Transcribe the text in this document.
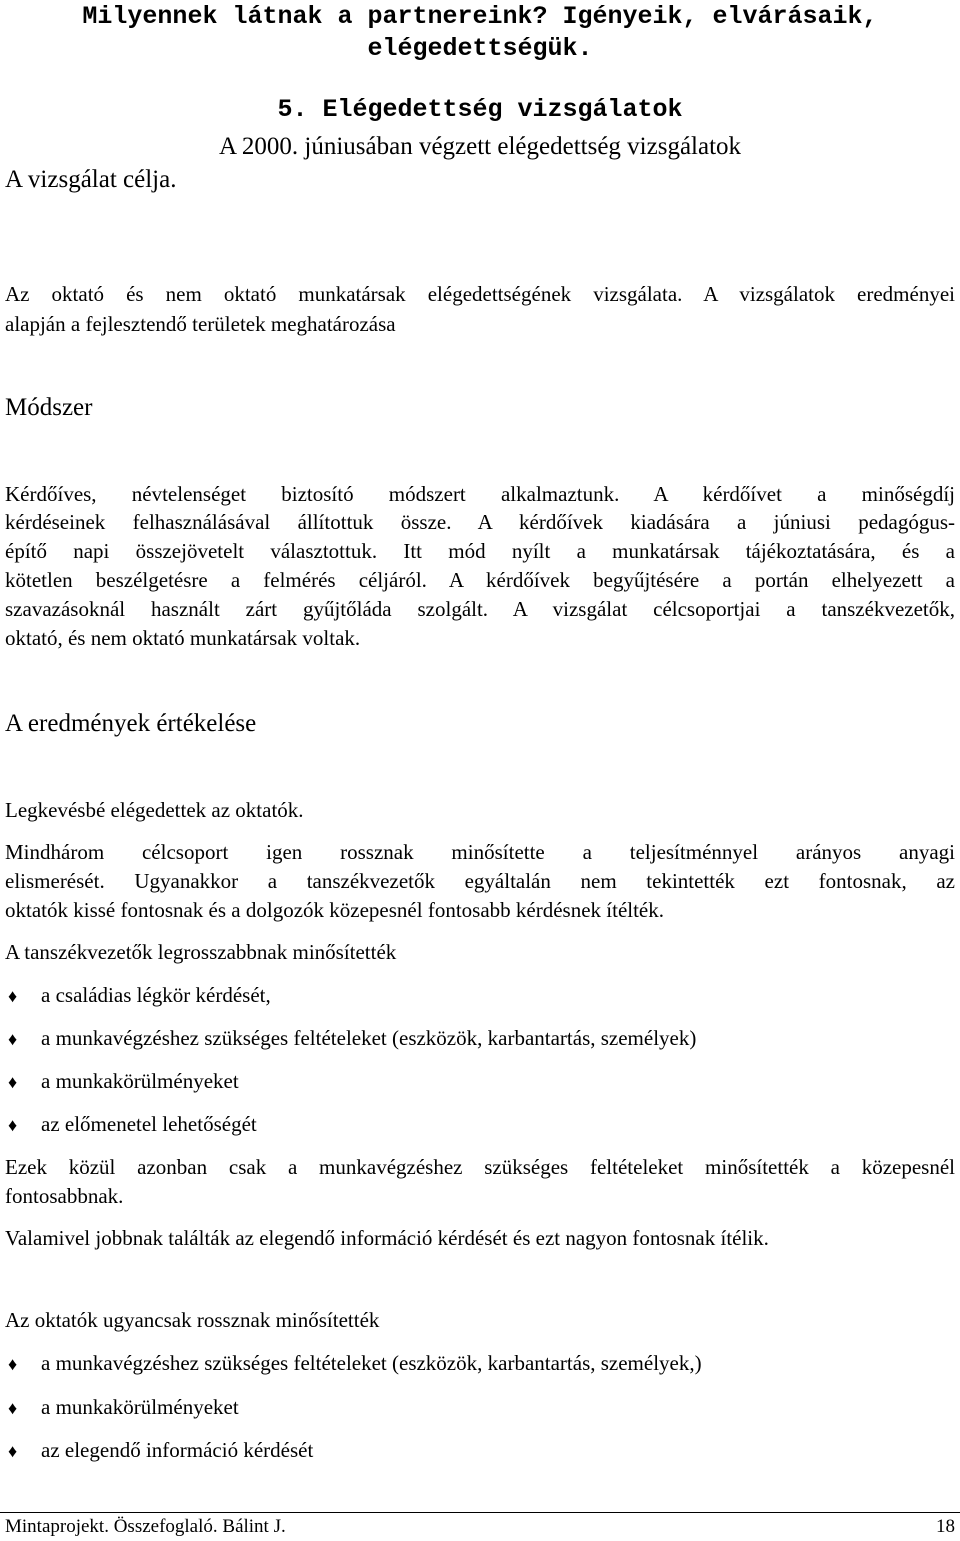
Milyennek látnak a partnereink? Igényeik, elvárásaik,
elégedettségük.
5. Elégedettség vizsgálatok
A 2000. júniusában végzett elégedettség vizsgálatok
A vizsgálat célja.
Az oktató és nem oktató munkatársak elégedettségének vizsgálata. A vizsgálatok eredményei
alapján a fejlesztendő területek meghatározása
Módszer
Kérdőíves, névtelenséget biztosító módszert alkalmaztunk. A kérdőívet a minőségdíj
kérdéseinek felhasználásával állítottuk össze. A kérdőívek kiadására a júniusi pedagógus-
építő napi összejövetelt választottuk. Itt mód nyílt a munkatársak tájékoztatására, és a
kötetlen beszélgetésre a felmérés céljáról. A kérdőívek begyűjtésére a portán elhelyezett a
szavazásoknál használt zárt gyűjtőláda szolgált. A vizsgálat célcsoportjai a tanszékvezetők,
oktató, és nem oktató munkatársak voltak.
A eredmények értékelése
Legkevésbé elégedettek az oktatók.
Mindhárom célcsoport igen rossznak minősítette a teljesítménnyel arányos anyagi
elismerését. Ugyanakkor a tanszékvezetők egyáltalán nem tekintették ezt fontosnak, az
oktatók kissé fontosnak és a dolgozók közepesnél fontosabb kérdésnek ítélték.
A tanszékvezetők legrosszabbnak minősítették
♦ a családias légkör kérdését,
♦ a munkavégzéshez szükséges feltételeket (eszközök, karbantartás, személyek)
♦ a munkakörülményeket
♦ az előmenetel lehetőségét
Ezek közül azonban csak a munkavégzéshez szükséges feltételeket minősítették a közepesnél
fontosabbnak.
Valamivel jobbnak találták az elegendő információ kérdését és ezt nagyon fontosnak ítélik.
Az oktatók ugyancsak rossznak minősítették
♦ a munkavégzéshez szükséges feltételeket (eszközök, karbantartás, személyek,)
♦ a munkakörülményeket
♦ az elegendő információ kérdését
Mintaprojekt. Összefoglaló. Bálint J.	18
